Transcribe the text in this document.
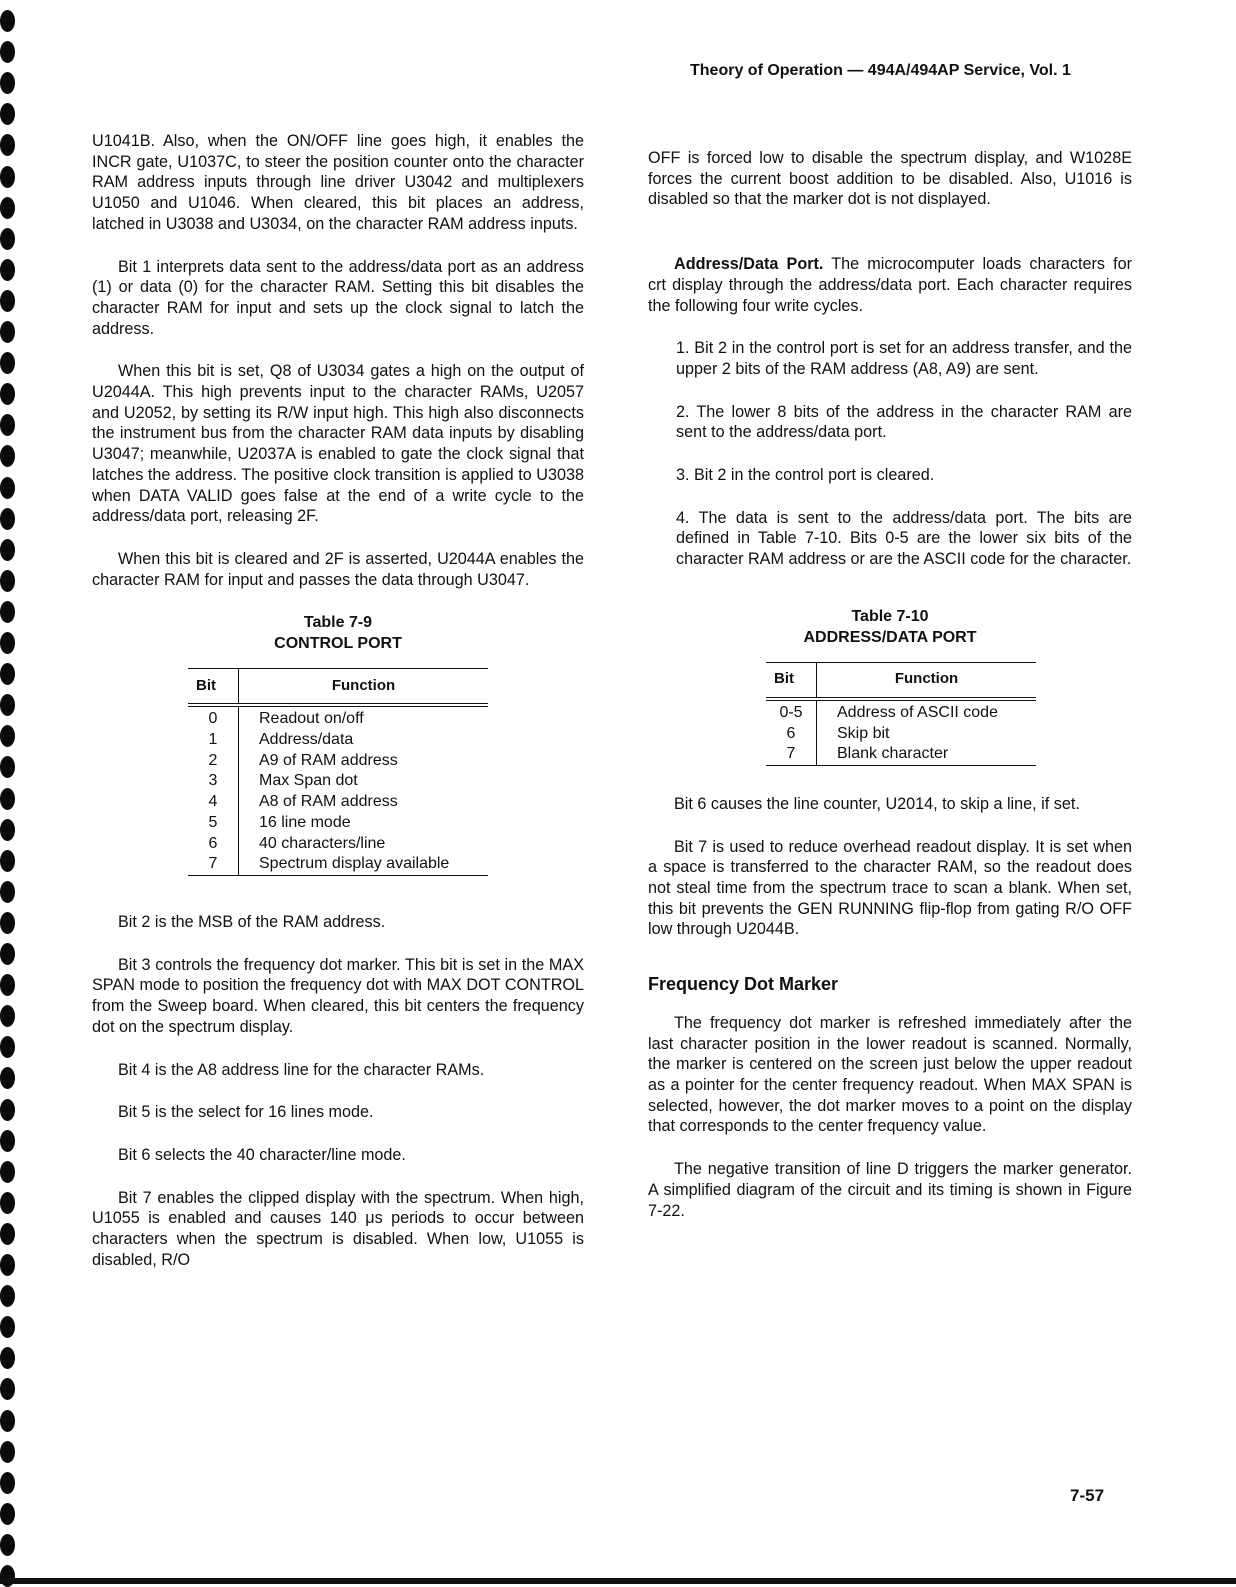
Theory of Operation — 494A/494AP Service, Vol. 1

U1041B. Also, when the ON/OFF line goes high, it enables the INCR gate, U1037C, to steer the position counter onto the character RAM address inputs through line driver U3042 and multiplexers U1050 and U1046. When cleared, this bit places an address, latched in U3038 and U3034, on the character RAM address inputs.

Bit 1 interprets data sent to the address/data port as an address (1) or data (0) for the character RAM. Setting this bit disables the character RAM for input and sets up the clock signal to latch the address.

When this bit is set, Q8 of U3034 gates a high on the output of U2044A. This high prevents input to the character RAMs, U2057 and U2052, by setting its R/W input high. This high also disconnects the instrument bus from the character RAM data inputs by disabling U3047; meanwhile, U2037A is enabled to gate the clock signal that latches the address. The positive clock transition is applied to U3038 when DATA VALID goes false at the end of a write cycle to the address/data port, releasing 2F.

When this bit is cleared and 2F is asserted, U2044A enables the character RAM for input and passes the data through U3047.

Table 7-9
CONTROL PORT
Bit	Function
0	Readout on/off
1	Address/data
2	A9 of RAM address
3	Max Span dot
4	A8 of RAM address
5	16 line mode
6	40 characters/line
7	Spectrum display available

Bit 2 is the MSB of the RAM address.

Bit 3 controls the frequency dot marker. This bit is set in the MAX SPAN mode to position the frequency dot with MAX DOT CONTROL from the Sweep board. When cleared, this bit centers the frequency dot on the spectrum display.

Bit 4 is the A8 address line for the character RAMs.

Bit 5 is the select for 16 lines mode.

Bit 6 selects the 40 character/line mode.

Bit 7 enables the clipped display with the spectrum. When high, U1055 is enabled and causes 140 μs periods to occur between characters when the spectrum is disabled. When low, U1055 is disabled, R/O

OFF is forced low to disable the spectrum display, and W1028E forces the current boost addition to be disabled. Also, U1016 is disabled so that the marker dot is not displayed.

Address/Data Port. The microcomputer loads characters for crt display through the address/data port. Each character requires the following four write cycles.

1. Bit 2 in the control port is set for an address transfer, and the upper 2 bits of the RAM address (A8, A9) are sent.
2. The lower 8 bits of the address in the character RAM are sent to the address/data port.
3. Bit 2 in the control port is cleared.
4. The data is sent to the address/data port. The bits are defined in Table 7-10. Bits 0-5 are the lower six bits of the character RAM address or are the ASCII code for the character.
Table 7-10
ADDRESS/DATA PORT
Bit	Function
0-5	Address of ASCII code
6	Skip bit
7	Blank character

Bit 6 causes the line counter, U2014, to skip a line, if set.

Bit 7 is used to reduce overhead readout display. It is set when a space is transferred to the character RAM, so the readout does not steal time from the spectrum trace to scan a blank. When set, this bit prevents the GEN RUNNING flip-flop from gating R/O OFF low through U2044B.

Frequency Dot Marker

The frequency dot marker is refreshed immediately after the last character position in the lower readout is scanned. Normally, the marker is centered on the screen just below the upper readout as a pointer for the center frequency readout. When MAX SPAN is selected, however, the dot marker moves to a point on the display that corresponds to the center frequency value.

The negative transition of line D triggers the marker generator. A simplified diagram of the circuit and its timing is shown in Figure 7-22.

7-57
